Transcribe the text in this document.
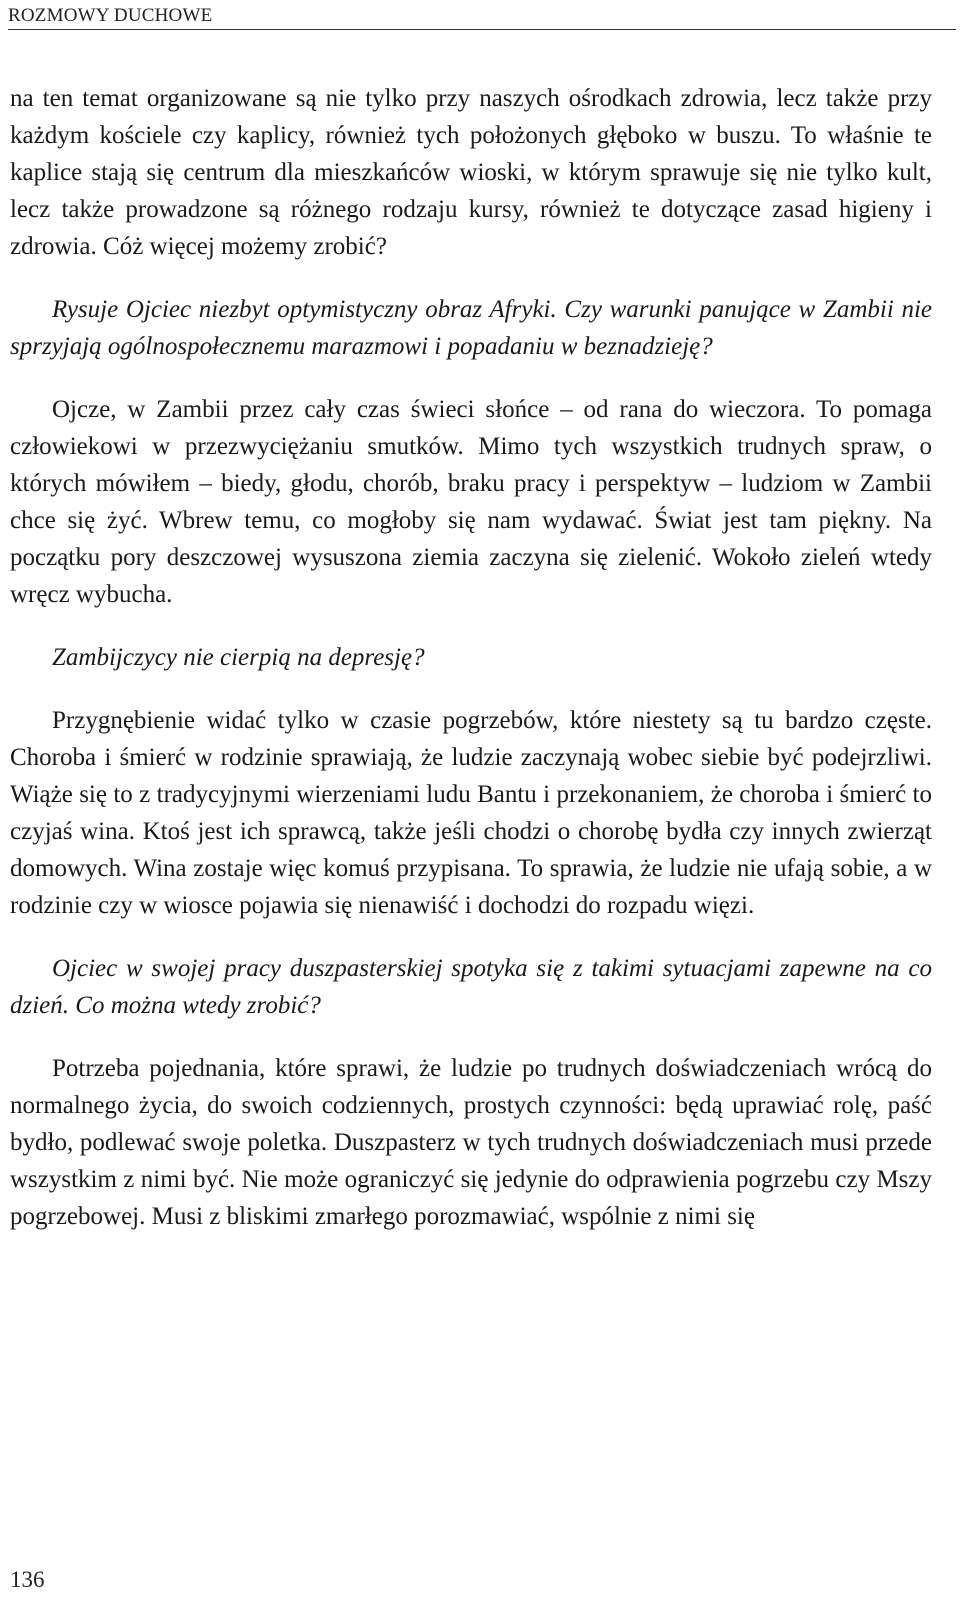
ROZMOWY DUCHOWE

na ten temat organizowane są nie tylko przy naszych ośrodkach zdrowia, lecz także przy każdym kościele czy kaplicy, również tych położonych głęboko w buszu. To właśnie te kaplice stają się centrum dla mieszkańców wioski, w którym sprawuje się nie tylko kult, lecz także prowadzone są różnego rodzaju kursy, również te dotyczące zasad higieny i zdrowia. Cóż więcej możemy zrobić?

Rysuje Ojciec niezbyt optymistyczny obraz Afryki. Czy warunki panujące w Zambii nie sprzyjają ogólnospołecznemu marazmowi i popadaniu w beznadzieję?

Ojcze, w Zambii przez cały czas świeci słońce – od rana do wieczora. To pomaga człowiekowi w przezwyciężaniu smutków. Mimo tych wszystkich trudnych spraw, o których mówiłem – biedy, głodu, chorób, braku pracy i perspektyw – ludziom w Zambii chce się żyć. Wbrew temu, co mogłoby się nam wydawać. Świat jest tam piękny. Na początku pory deszczowej wysuszona ziemia zaczyna się zielenić. Wokoło zieleń wtedy wręcz wybucha.

Zambijczycy nie cierpią na depresję?

Przygnębienie widać tylko w czasie pogrzebów, które niestety są tu bardzo częste. Choroba i śmierć w rodzinie sprawiają, że ludzie zaczynają wobec siebie być podejrzliwi. Wiąże się to z tradycyjnymi wierzeniami ludu Bantu i przekonaniem, że choroba i śmierć to czyjaś wina. Ktoś jest ich sprawcą, także jeśli chodzi o chorobę bydła czy innych zwierząt domowych. Wina zostaje więc komuś przypisana. To sprawia, że ludzie nie ufają sobie, a w rodzinie czy w wiosce pojawia się nienawiść i dochodzi do rozpadu więzi.

Ojciec w swojej pracy duszpasterskiej spotyka się z takimi sytuacjami zapewne na co dzień. Co można wtedy zrobić?

Potrzeba pojednania, które sprawi, że ludzie po trudnych doświadczeniach wrócą do normalnego życia, do swoich codziennych, prostych czynności: będą uprawiać rolę, paść bydło, podlewać swoje poletka. Duszpasterz w tych trudnych doświadczeniach musi przede wszystkim z nimi być. Nie może ograniczyć się jedynie do odprawienia pogrzebu czy Mszy pogrzebowej. Musi z bliskimi zmarłego porozmawiać, wspólnie z nimi się

136
